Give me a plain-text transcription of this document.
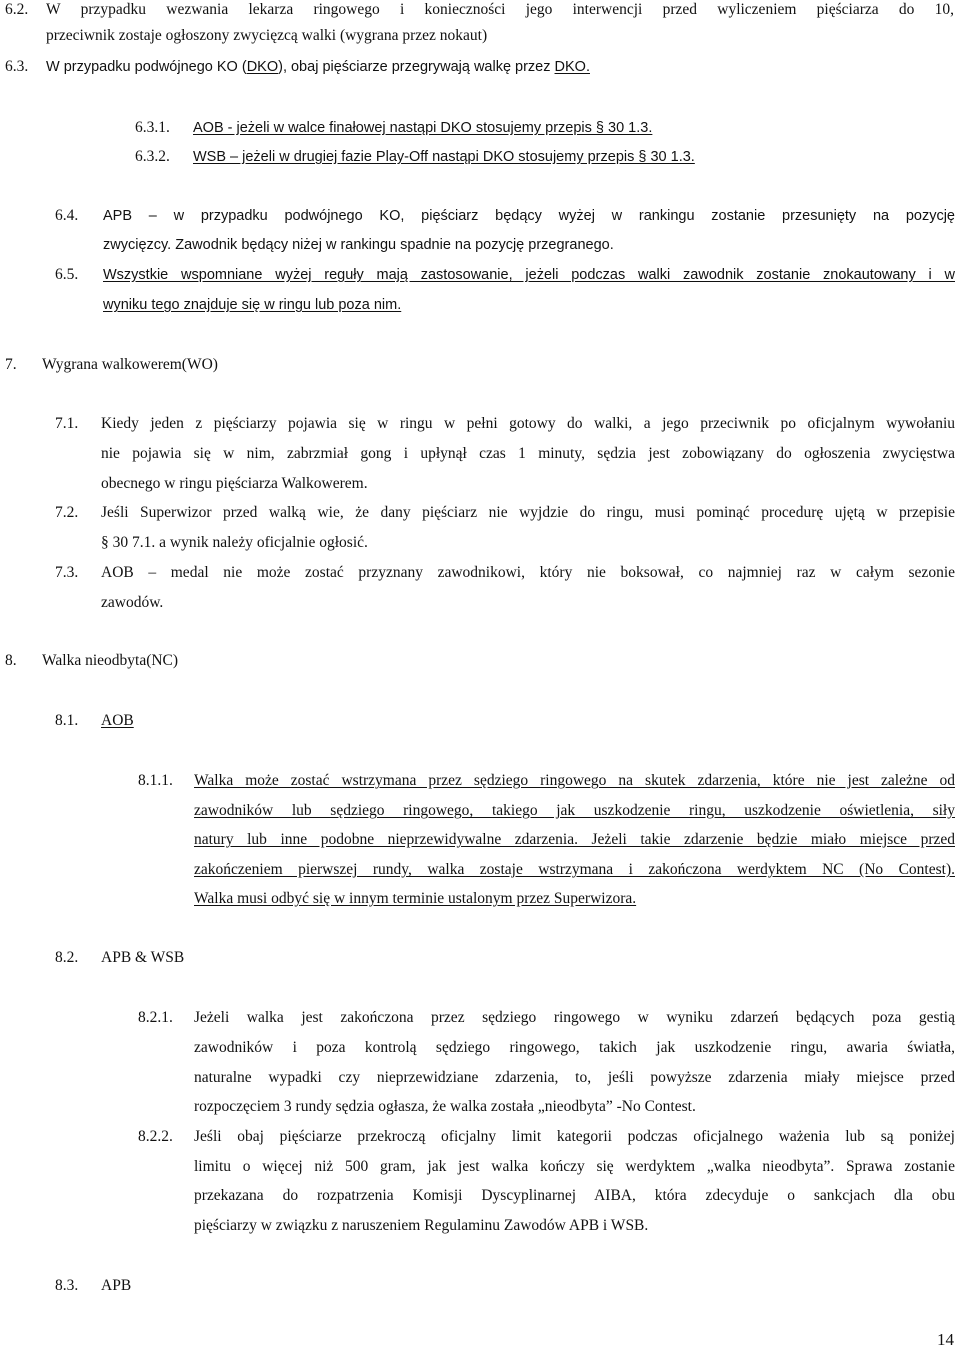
6.2. W przypadku wezwania lekarza ringowego i konieczności jego interwencji przed wyliczeniem pięściarza do 10,
przeciwnik zostaje ogłoszony zwycięzcą walki (wygrana przez nokaut)
6.3. W przypadku podwójnego KO (DKO), obaj pięściarze przegrywają walkę przez DKO.
6.3.1. AOB - jeżeli w walce finałowej nastąpi DKO stosujemy przepis § 30 1.3.
6.3.2. WSB – jeżeli w drugiej fazie Play-Off nastąpi DKO stosujemy przepis § 30 1.3.
6.4. APB – w przypadku podwójnego KO, pięściarz będący wyżej w rankingu zostanie przesunięty na pozycję
zwycięzcy. Zawodnik będący niżej w rankingu spadnie na pozycję przegranego.
6.5. Wszystkie wspomniane wyżej reguły mają zastosowanie, jeżeli podczas walki zawodnik zostanie znokautowany i w
wyniku tego znajduje się w ringu lub poza nim.
7. Wygrana walkowerem(WO)
7.1. Kiedy jeden z pięściarzy pojawia się w ringu w pełni gotowy do walki, a jego przeciwnik po oficjalnym wywołaniu
nie pojawia się w nim, zabrzmiał gong i upłynął czas 1 minuty, sędzia jest zobowiązany do ogłoszenia zwycięstwa
obecnego w ringu pięściarza Walkowerem.
7.2. Jeśli Superwizor przed walką wie, że dany pięściarz nie wyjdzie do ringu, musi pominąć procedurę ujętą w przepisie
§ 30 7.1. a wynik należy oficjalnie ogłosić.
7.3. AOB – medal nie może zostać przyznany zawodnikowi, który nie boksował, co najmniej raz w całym sezonie
zawodów.
8. Walka nieodbyta(NC)
8.1. AOB
8.1.1. Walka może zostać wstrzymana przez sędziego ringowego na skutek zdarzenia, które nie jest zależne od
zawodników lub sędziego ringowego, takiego jak uszkodzenie ringu, uszkodzenie oświetlenia, siły
natury lub inne podobne nieprzewidywalne zdarzenia. Jeżeli takie zdarzenie będzie miało miejsce przed
zakończeniem pierwszej rundy, walka zostaje wstrzymana i zakończona werdyktem NC (No Contest).
Walka musi odbyć się w innym terminie ustalonym przez Superwizora.
8.2. APB & WSB
8.2.1. Jeżeli walka jest zakończona przez sędziego ringowego w wyniku zdarzeń będących poza gestią
zawodników i poza kontrolą sędziego ringowego, takich jak uszkodzenie ringu, awaria światła,
naturalne wypadki czy nieprzewidziane zdarzenia, to, jeśli powyższe zdarzenia miały miejsce przed
rozpoczęciem 3 rundy sędzia ogłasza, że walka została „nieodbyta” -No Contest.
8.2.2. Jeśli obaj pięściarze przekroczą oficjalny limit kategorii podczas oficjalnego ważenia lub są poniżej
limitu o więcej niż 500 gram, jak jest walka kończy się werdyktem „walka nieodbyta”. Sprawa zostanie
przekazana do rozpatrzenia Komisji Dyscyplinarnej AIBA, która zdecyduje o sankcjach dla obu
pięściarzy w związku z naruszeniem Regulaminu Zawodów APB i WSB.
8.3. APB
14
